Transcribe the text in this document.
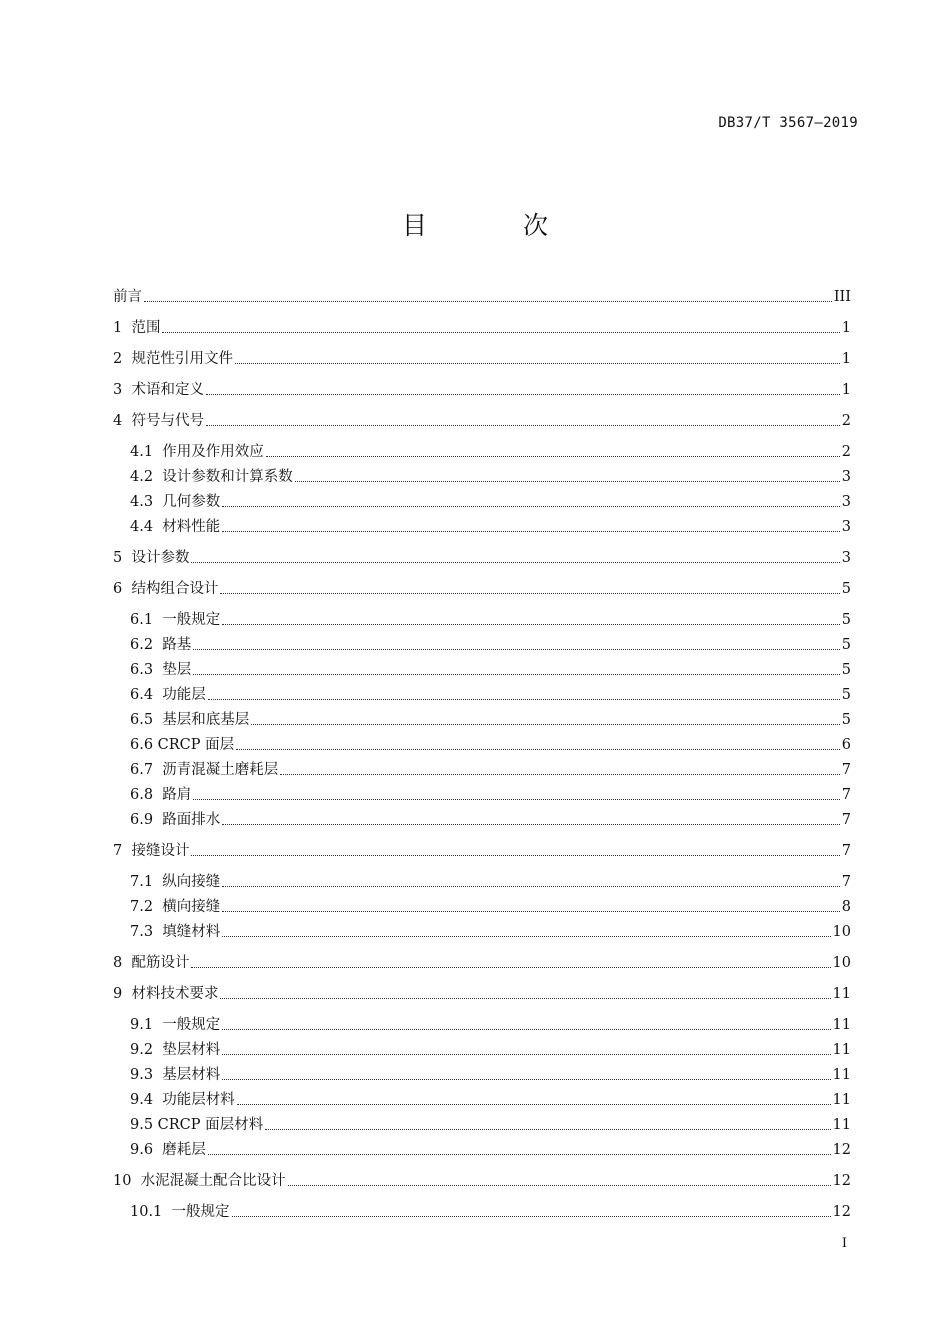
DB37/T 3567—2019
目 次
前言	III
1  范围	1
2  规范性引用文件	1
3  术语和定义	1
4  符号与代号	2
4.1  作用及作用效应	2
4.2  设计参数和计算系数	3
4.3  几何参数	3
4.4  材料性能	3
5  设计参数	3
6  结构组合设计	5
6.1  一般规定	5
6.2  路基	5
6.3  垫层	5
6.4  功能层	5
6.5  基层和底基层	5
6.6 CRCP 面层	6
6.7  沥青混凝土磨耗层	7
6.8  路肩	7
6.9  路面排水	7
7  接缝设计	7
7.1  纵向接缝	7
7.2  横向接缝	8
7.3  填缝材料	10
8  配筋设计	10
9  材料技术要求	11
9.1  一般规定	11
9.2  垫层材料	11
9.3  基层材料	11
9.4  功能层材料	11
9.5 CRCP 面层材料	11
9.6  磨耗层	12
10  水泥混凝土配合比设计	12
10.1  一般规定	12
I
